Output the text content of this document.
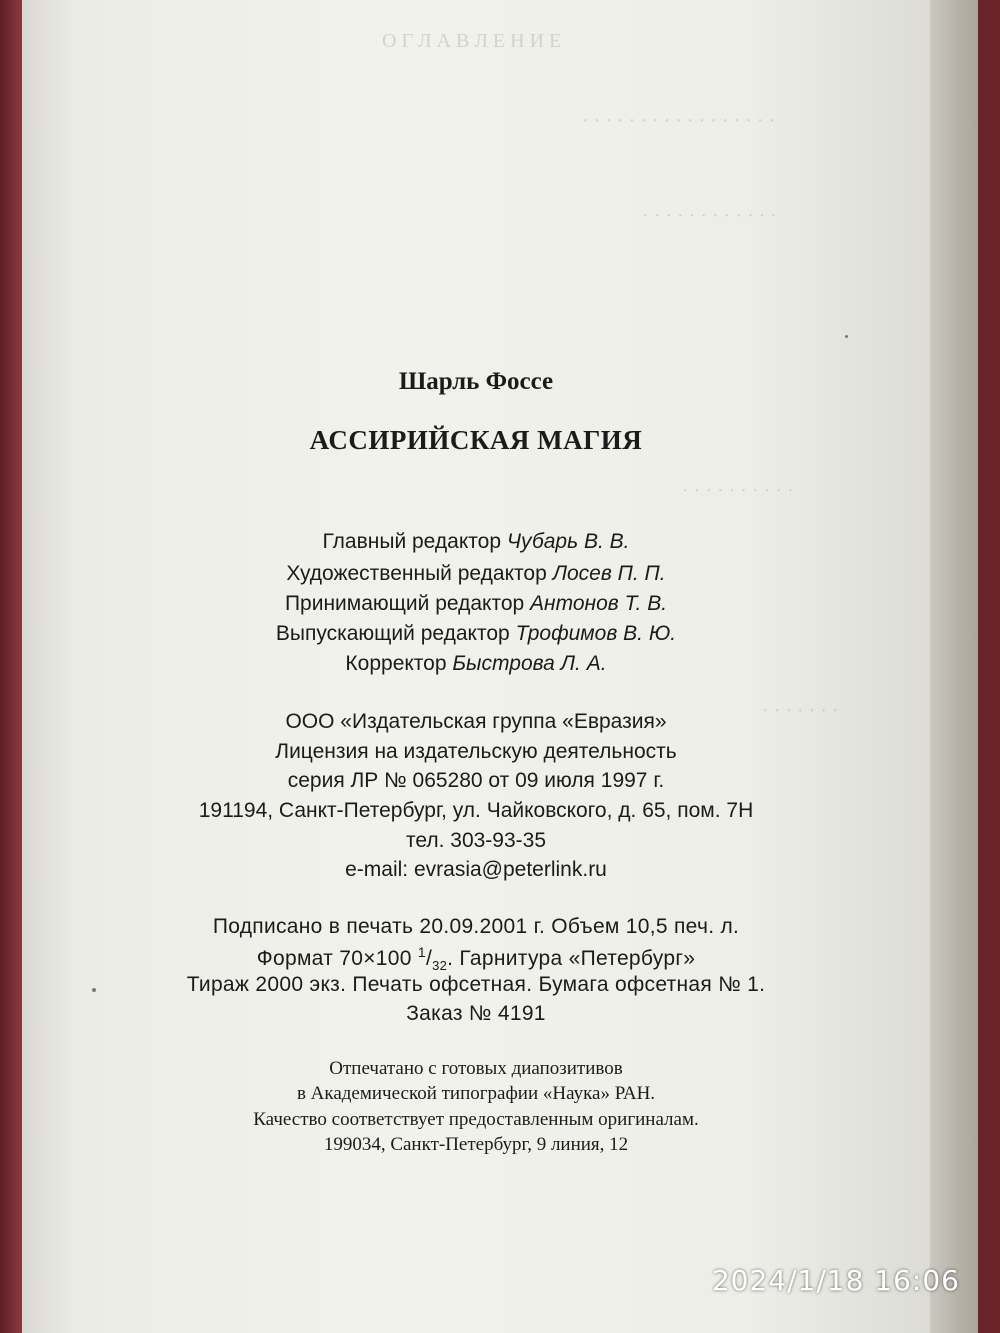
О Г Л А В Л Е Н И Е
· · · · · · · · · · · · · · · · ·
· · · · · · · · · · · ·
· · · · · · · · · ·
· · · · · · ·
Шарль Фоссе
АССИРИЙСКАЯ МАГИЯ
Главный редактор Чубарь В. В.
Художественный редактор Лосев П. П.
Принимающий редактор Антонов Т. В.
Выпускающий редактор Трофимов В. Ю.
Корректор Быстрова Л. А.
ООО «Издательская группа «Евразия»
Лицензия на издательскую деятельность
серия ЛР № 065280 от 09 июля 1997 г.
191194, Санкт-Петербург, ул. Чайковского, д. 65, пом. 7Н
тел. 303-93-35
e-mail: evrasia@peterlink.ru
Подписано в печать 20.09.2001 г. Объем 10,5 печ. л.
Формат 70×100 $^1/_{32}$. Гарнитура «Петербург»
Тираж 2000 экз. Печать офсетная. Бумага офсетная № 1.
Заказ № 4191
Отпечатано с готовых диапозитивов
в Академической типографии «Наука» РАН.
Качество соответствует предоставленным оригиналам.
199034, Санкт-Петербург, 9 линия, 12
2024/1/18 16:06
